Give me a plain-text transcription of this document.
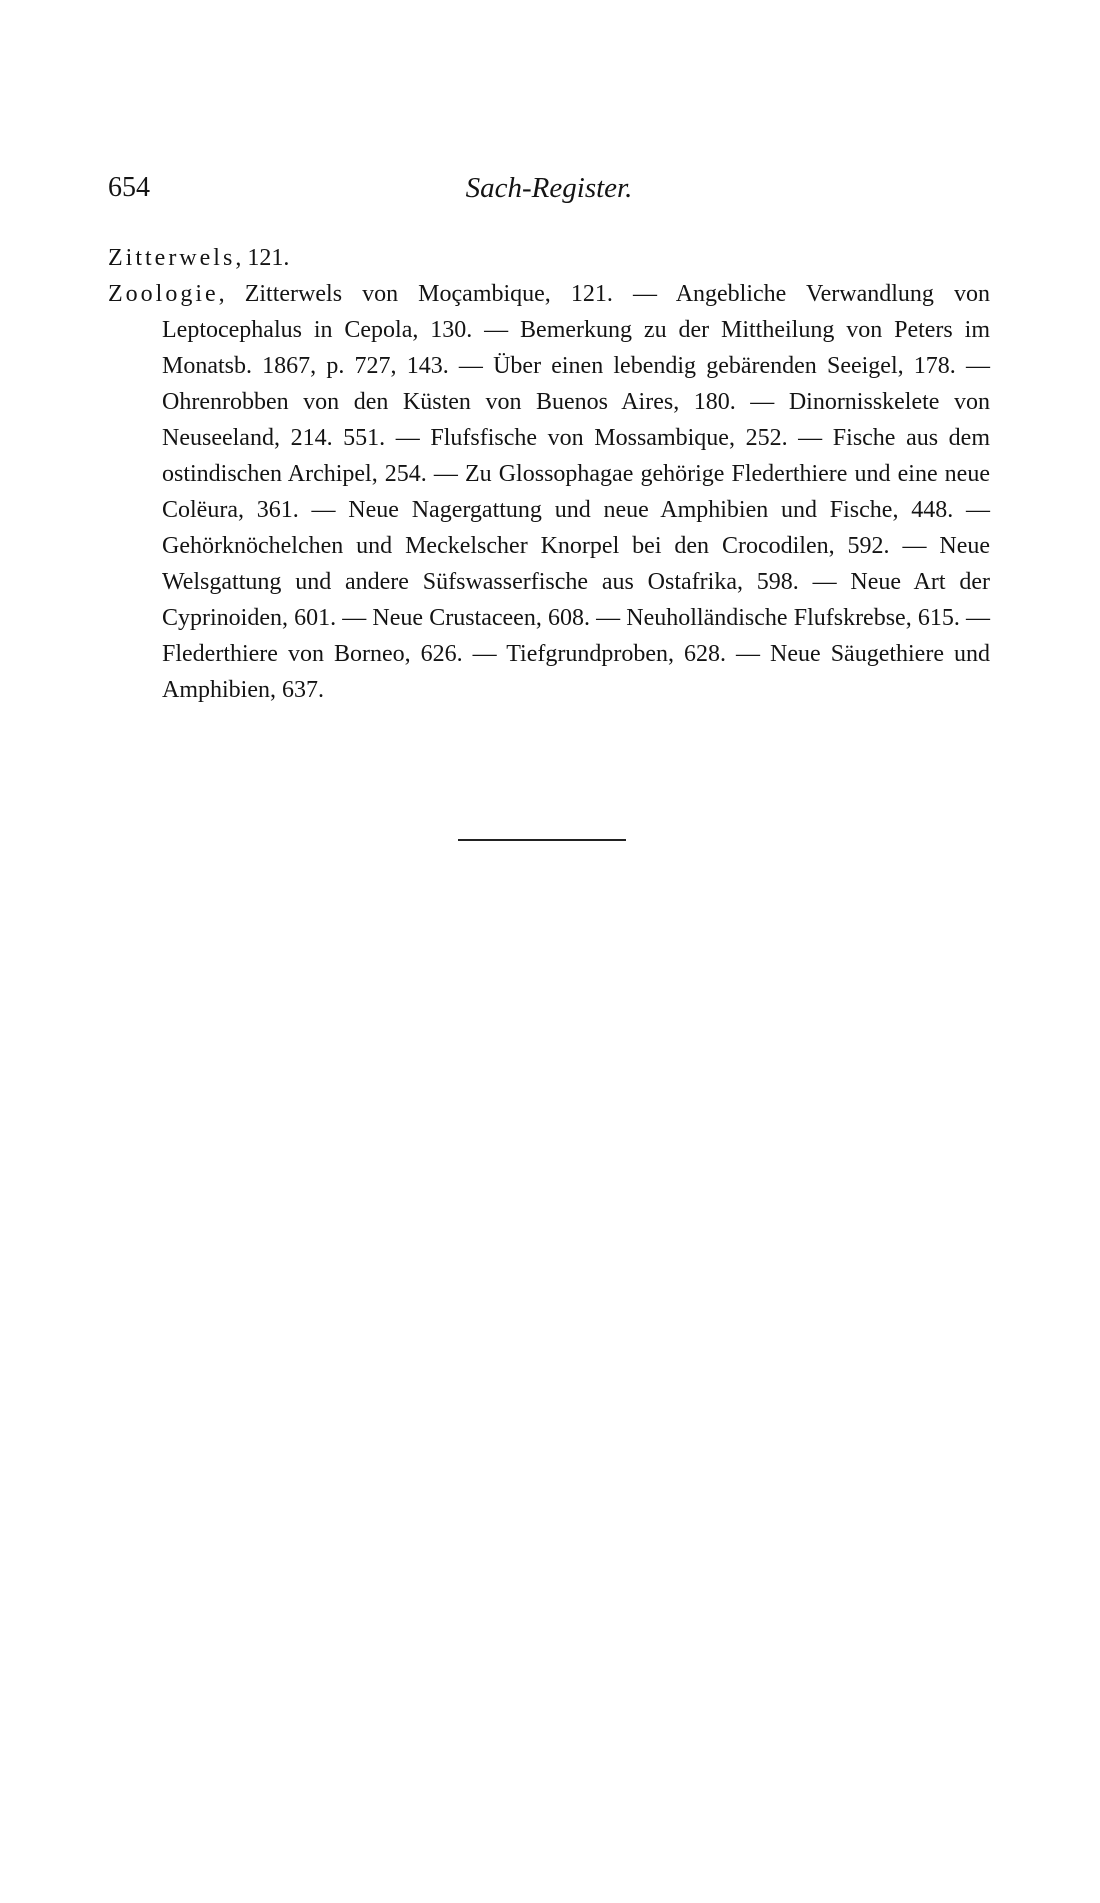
654	Sach-Register.

Zitterwels, 121.

Zoologie, Zitterwels von Moçambique, 121. — Angebliche Verwandlung von Leptocephalus in Cepola, 130. — Bemerkung zu der Mittheilung von Peters im Monatsb. 1867, p. 727, 143. — Über einen lebendig gebärenden Seeigel, 178. — Ohrenrobben von den Küsten von Buenos Aires, 180. — Dinornisskelete von Neuseeland, 214. 551. — Flufsfische von Mossambique, 252. — Fische aus dem ostindischen Archipel, 254. — Zu Glossophagae gehörige Flederthiere und eine neue Colëura, 361. — Neue Nagergattung und neue Amphibien und Fische, 448. — Gehörknöchelchen und Meckelscher Knorpel bei den Crocodilen, 592. — Neue Welsgattung und andere Süfswasserfische aus Ostafrika, 598. — Neue Art der Cyprinoiden, 601. — Neue Crustaceen, 608. — Neuholländische Flufskrebse, 615. — Flederthiere von Borneo, 626. — Tiefgrundproben, 628. — Neue Säugethiere und Amphibien, 637.
